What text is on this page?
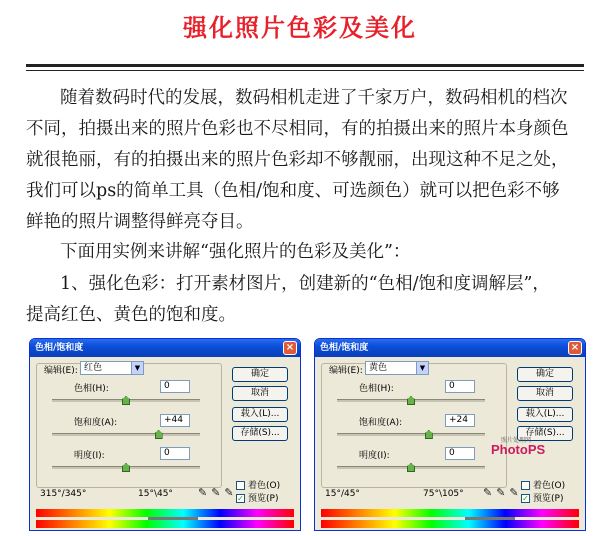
强化照片色彩及美化
随着数码时代的发展，数码相机走进了千家万户，数码相机的档次
不同，拍摄出来的照片色彩也不尽相同，有的拍摄出来的照片本身颜色
就很艳丽，有的拍摄出来的照片色彩却不够靓丽，出现这种不足之处，
我们可以ps的简单工具（色相/饱和度、可选颜色）就可以把色彩不够
鲜艳的照片调整得鲜亮夺目。
下面用实例来讲解“强化照片的色彩及美化”：
1、强化色彩：打开素材图片，创建新的“色相/饱和度调解层”，
提高红色、黄色的饱和度。
色相/饱和度	×
编辑(E): 红色	▼
色相(H):	0
饱和度(A):	+44
明度(I):	0
确定
取消
载入(L)...
存储(S)...
着色(O)
✓ 预览(P)
315°/345°	15°\45° ✎✎✎
色相/饱和度	×
编辑(E): 黄色	▼
色相(H):	0
饱和度(A):	+24
明度(I):	0
确定
取消
载入(L)...
存储(S)...
照片处理网
PhotoPS
着色(O)
✓ 预览(P)
15°/45°	75°\105° ✎✎✎
